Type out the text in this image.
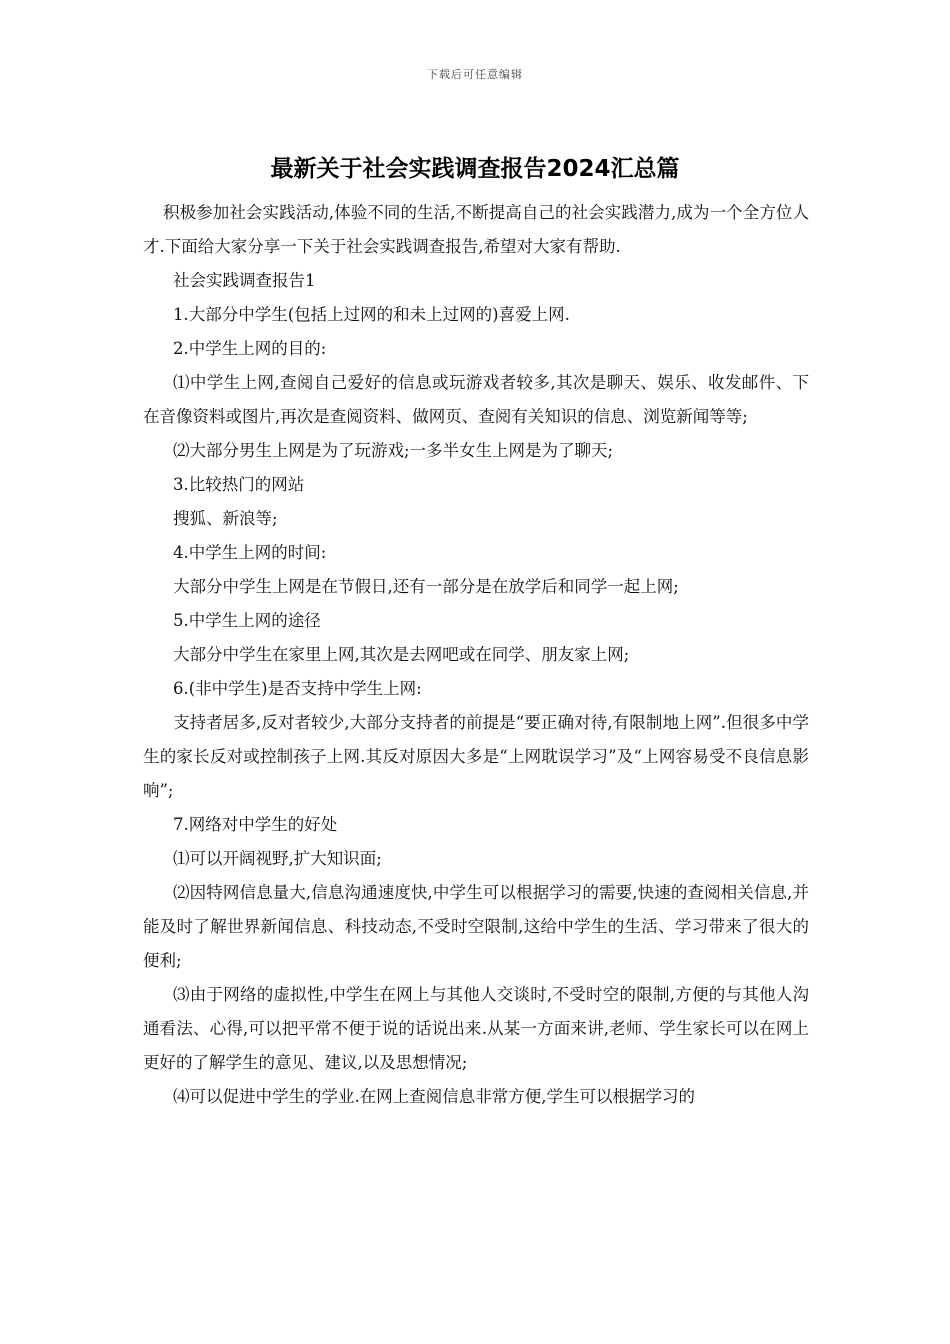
下载后可任意编辑
最新关于社会实践调查报告2024汇总篇

积极参加社会实践活动,体验不同的生活,不断提高自己的社会实践潜力,成为一个全方位人才.下面给大家分享一下关于社会实践调查报告,希望对大家有帮助.

社会实践调查报告1

1.大部分中学生(包括上过网的和未上过网的)喜爱上网.

2.中学生上网的目的:

⑴中学生上网,查阅自己爱好的信息或玩游戏者较多,其次是聊天、娱乐、收发邮件、下在音像资料或图片,再次是查阅资料、做网页、查阅有关知识的信息、浏览新闻等等;

⑵大部分男生上网是为了玩游戏;一多半女生上网是为了聊天;

3.比较热门的网站

搜狐、新浪等;

4.中学生上网的时间:

大部分中学生上网是在节假日,还有一部分是在放学后和同学一起上网;

5.中学生上网的途径

大部分中学生在家里上网,其次是去网吧或在同学、朋友家上网;

6.(非中学生)是否支持中学生上网:

支持者居多,反对者较少,大部分支持者的前提是“要正确对待,有限制地上网”.但很多中学生的家长反对或控制孩子上网.其反对原因大多是“上网耽误学习”及“上网容易受不良信息影响”;

7.网络对中学生的好处

⑴可以开阔视野,扩大知识面;

⑵因特网信息量大,信息沟通速度快,中学生可以根据学习的需要,快速的查阅相关信息,并能及时了解世界新闻信息、科技动态,不受时空限制,这给中学生的生活、学习带来了很大的便利;

⑶由于网络的虚拟性,中学生在网上与其他人交谈时,不受时空的限制,方便的与其他人沟通看法、心得,可以把平常不便于说的话说出来.从某一方面来讲,老师、学生家长可以在网上更好的了解学生的意见、建议,以及思想情况;

⑷可以促进中学生的学业.在网上查阅信息非常方便,学生可以根据学习的
